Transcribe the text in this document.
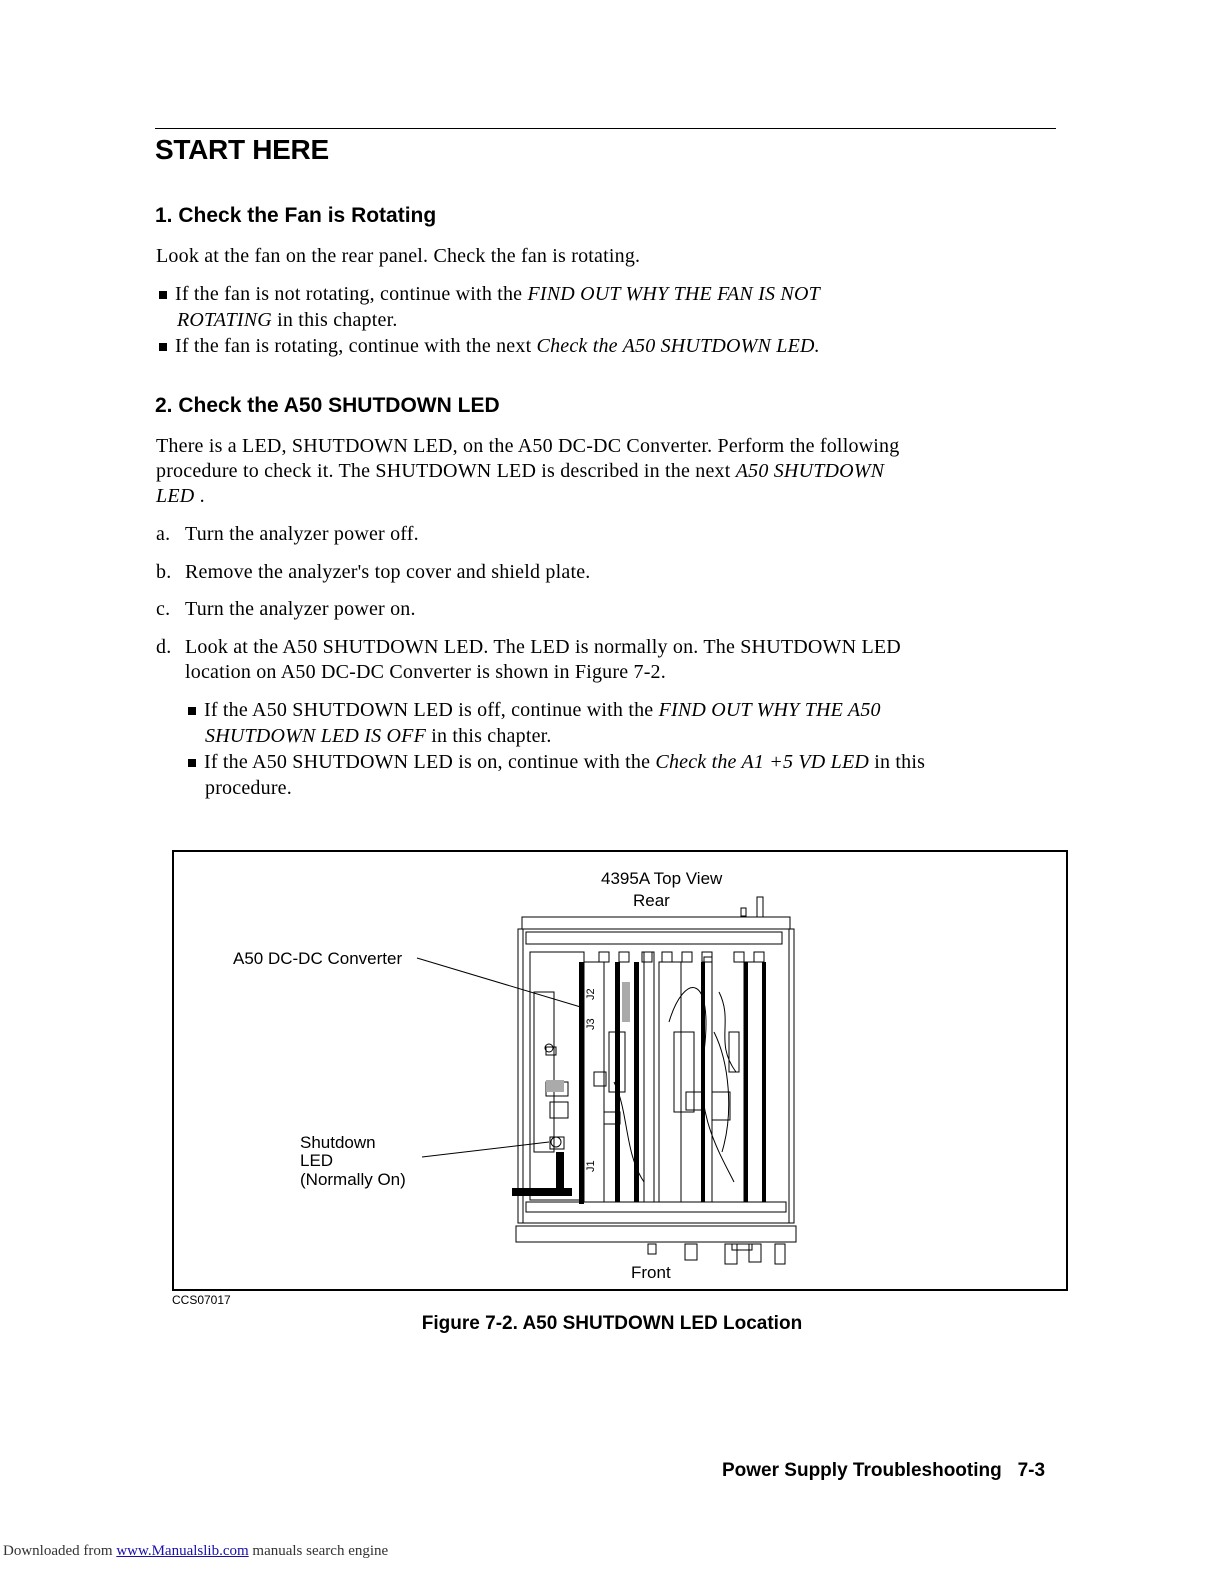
START HERE
1. Check the Fan is Rotating

Look at the fan on the rear panel. Check the fan is rotating.

If the fan is not rotating, continue with the FIND OUT WHY THE FAN IS NOT

ROTATING in this chapter.

If the fan is rotating, continue with the next Check the A50 SHUTDOWN LED.

2. Check the A50 SHUTDOWN LED

There is a LED, SHUTDOWN LED, on the A50 DC-DC Converter. Perform the following

procedure to check it. The SHUTDOWN LED is described in the next A50 SHUTDOWN

LED .

a. Turn the analyzer power off.

b. Remove the analyzer's top cover and shield plate.

c. Turn the analyzer power on.

d. Look at the A50 SHUTDOWN LED. The LED is normally on. The SHUTDOWN LED

location on A50 DC-DC Converter is shown in Figure 7-2.

If the A50 SHUTDOWN LED is off, continue with the FIND OUT WHY THE A50

SHUTDOWN LED IS OFF in this chapter.

If the A50 SHUTDOWN LED is on, continue with the Check the A1 +5 VD LED in this

procedure.

4395A Top View
Rear
A50 DC-DC Converter
Shutdown
LED
(Normally On)
Front
J2
J3
J1
CCS07017
Figure 7-2. A50 SHUTDOWN LED Location
Power Supply Troubleshooting 7-3
Downloaded from www.Manualslib.com manuals search engine
